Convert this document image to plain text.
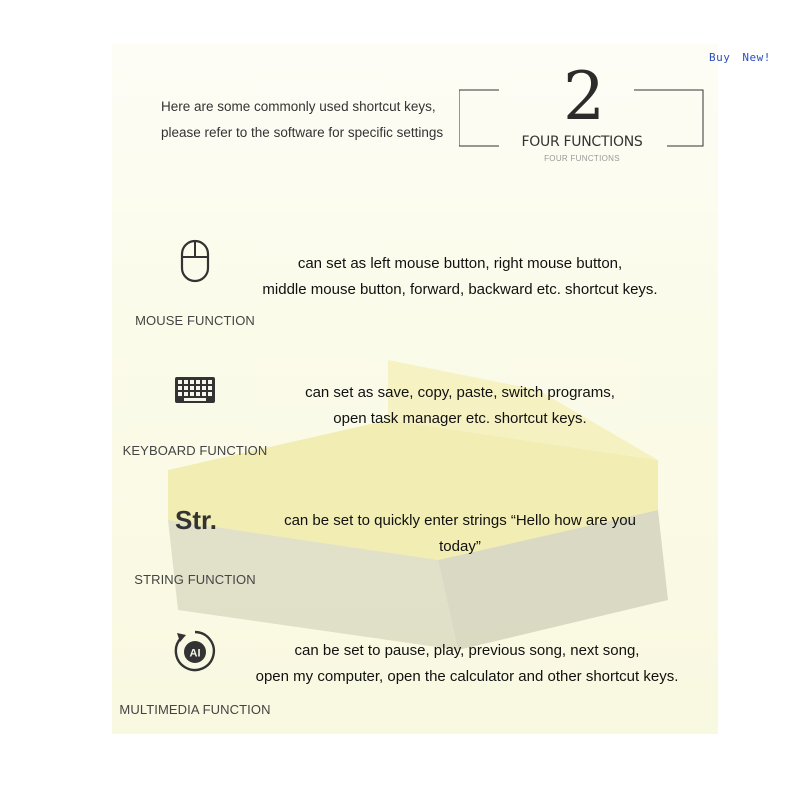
Buy New!
Here are some commonly used shortcut keys,
please refer to the software for specific settings	2
FOUR FUNCTIONS
FOUR FUNCTIONS
can set as left mouse button, right mouse button,
middle mouse button, forward, backward etc. shortcut keys.
MOUSE FUNCTION
can set as save, copy, paste, switch programs,
open task manager etc. shortcut keys.
KEYBOARD FUNCTION
Str.	can be set to quickly enter strings “Hello how are you
today”
STRING FUNCTION
AI	can be set to pause, play, previous song, next song,
open my computer, open the calculator and other shortcut keys.
MULTIMEDIA FUNCTION
